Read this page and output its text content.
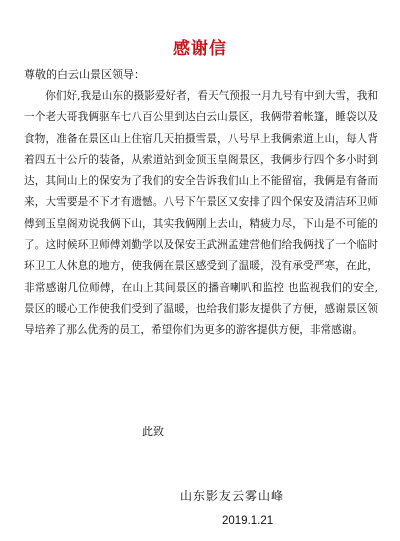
感谢信
尊敬的白云山景区领导：

你们好,我是山东的摄影爱好者，看天气预报一月九号有中到大雪，我和一个老大哥我俩驱车七八百公里到达白云山景区，我俩带着帐篷，睡袋以及食物，准备在景区山上住宿几天拍摄雪景，八号早上我俩索道上山，每人背着四五十公斤的装备，从索道站到金顶玉皇阁景区，我俩步行四个多小时到达，其间山上的保安为了我们的安全告诉我们山上不能留宿，我俩是有备而来，大雪要是不下才有遗憾。八号下午景区又安排了四个保安及清洁环卫师傅到玉皇阁劝说我俩下山，其实我俩刚上去山，精疲力尽，下山是不可能的了。这时候环卫师傅刘勤学以及保安王武洲孟建营他们给我俩找了一个临时环卫工人休息的地方，使我俩在景区感受到了温暖，没有承受严寒，在此，非常感谢几位师傅，在山上其间景区的播音喇叭和监控 也监视我们的安全,景区的暖心工作使我们受到了温暖，也给我们影友提供了方便，感谢景区领导培养了那么优秀的员工，希望你们为更多的游客提供方便，非常感谢。

此致
山东影友云雾山峰
2019.1.21
